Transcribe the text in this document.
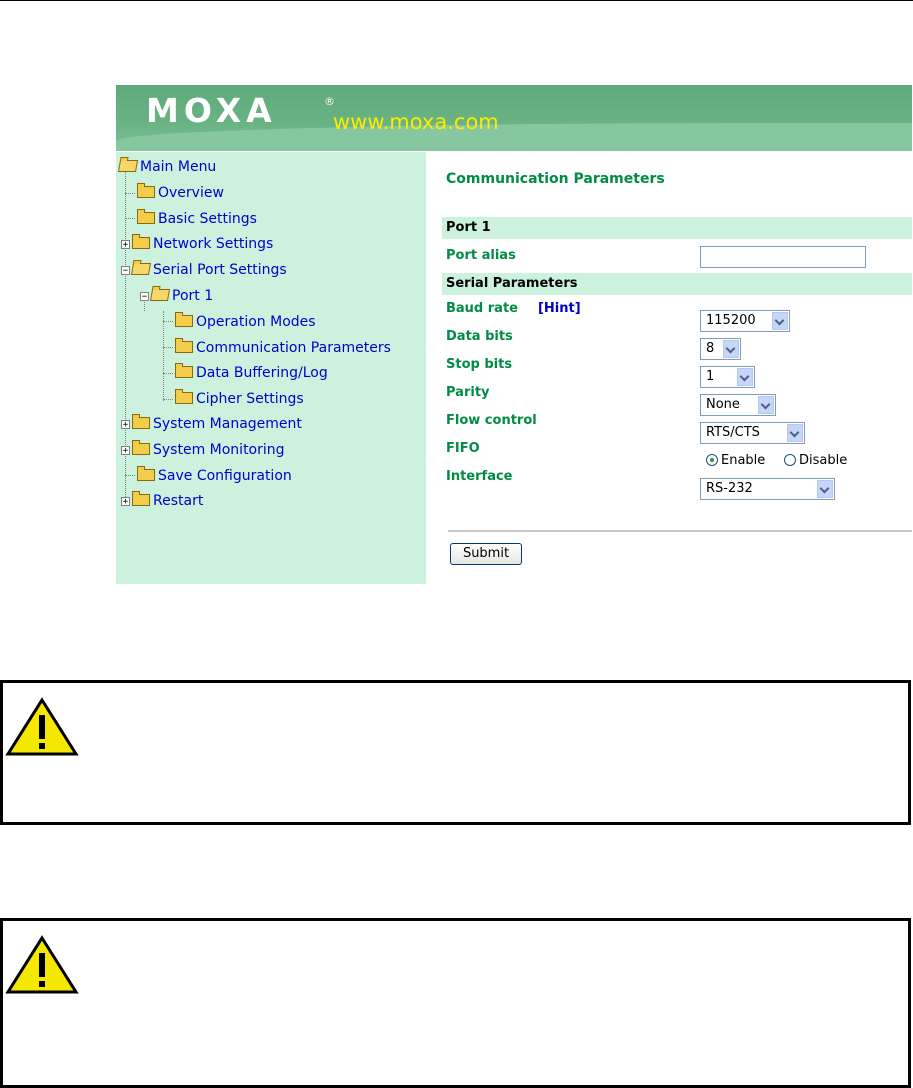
MOXA	®
www.moxa.com
Main Menu
Overview
Basic Settings
+ Network Settings
− Serial Port Settings
− Port 1
Operation Modes
Communication Parameters
Data Buffering/Log
Cipher Settings
+ System Management
+ System Monitoring
Save Configuration
+ Restart
Communication Parameters
Port 1
Port alias
Serial Parameters
Baud rate [Hint]
115200
Data bits
8
Stop bits
1
Parity
None
Flow control
RTS/CTS
FIFO
Enable	Disable
Interface
RS-232
Submit
